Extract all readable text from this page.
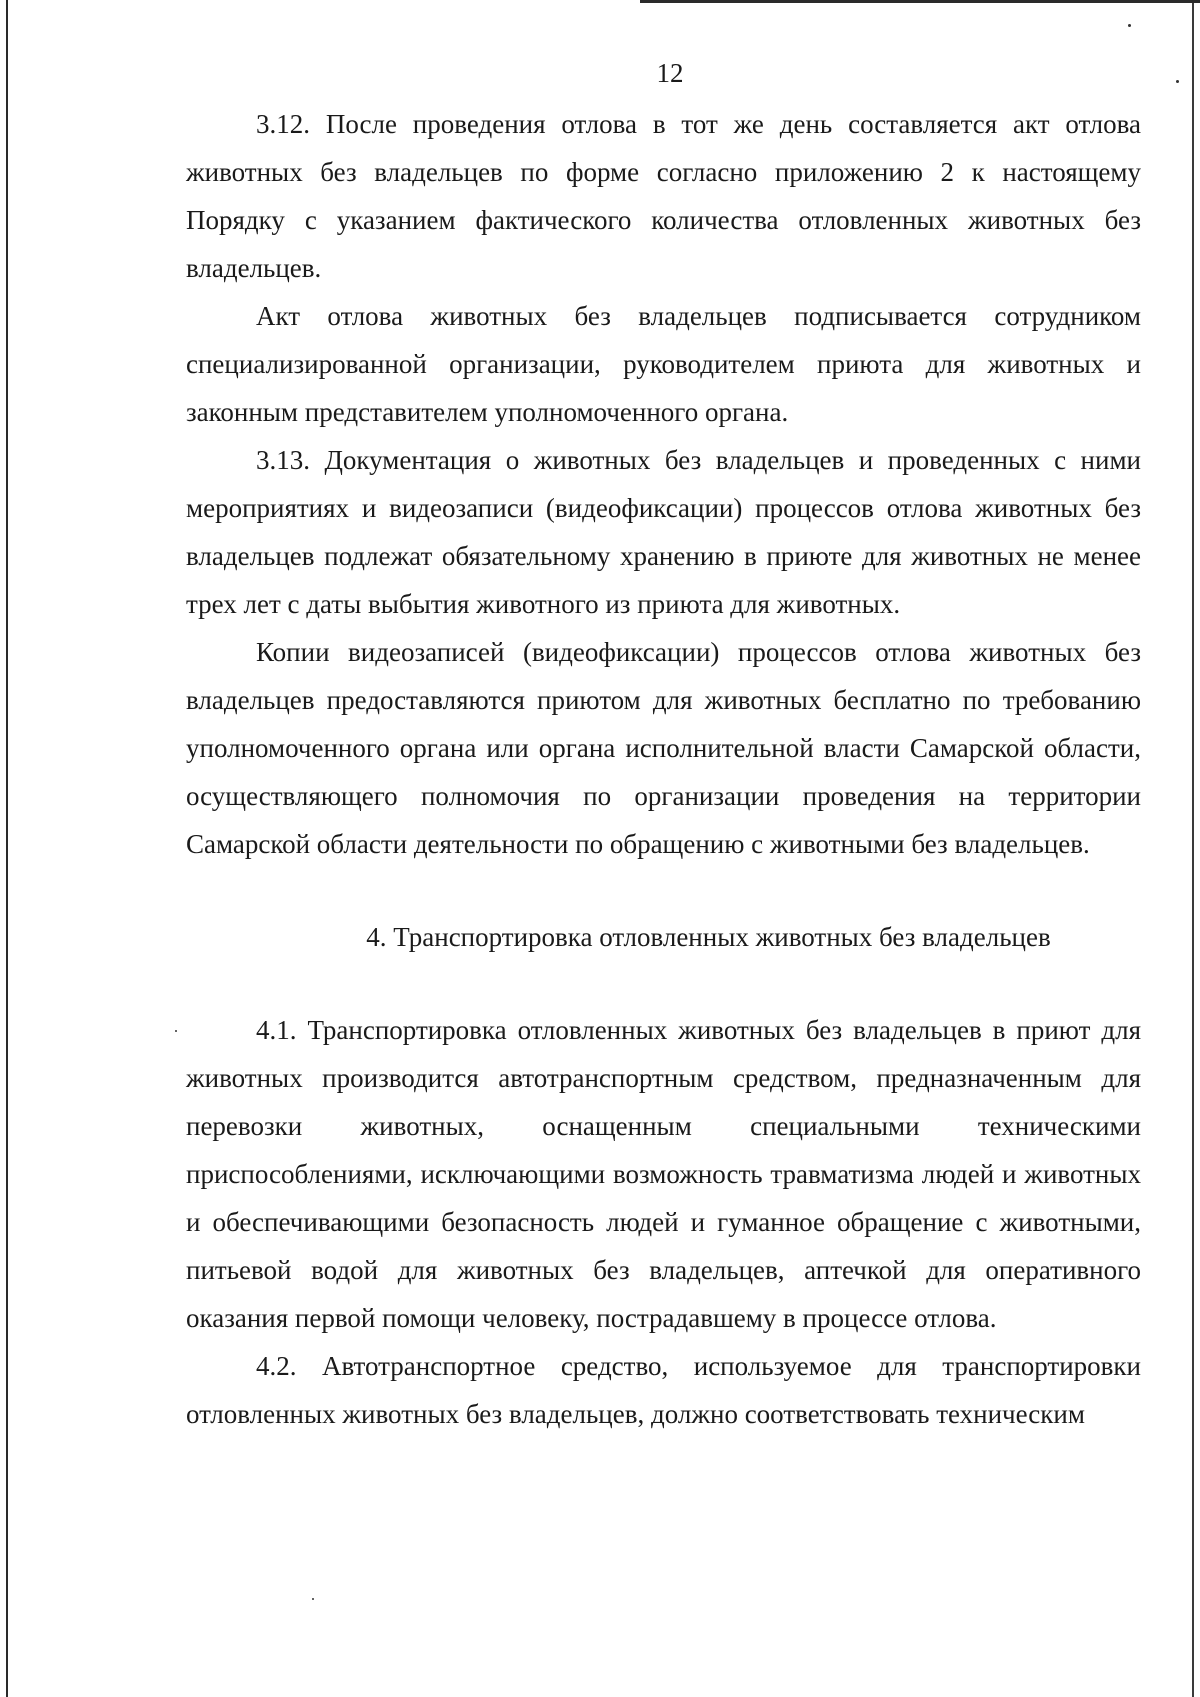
12

3.12. После проведения отлова в тот же день составляется акт отлова животных без владельцев по форме согласно приложению 2 к настоящему Порядку с указанием фактического количества отловленных животных без владельцев.

Акт отлова животных без владельцев подписывается сотрудником специализированной организации, руководителем приюта для животных и законным представителем уполномоченного органа.

3.13. Документация о животных без владельцев и проведенных с ними мероприятиях и видеозаписи (видеофиксации) процессов отлова животных без владельцев подлежат обязательному хранению в приюте для животных не менее трех лет с даты выбытия животного из приюта для животных.

Копии видеозаписей (видеофиксации) процессов отлова животных без владельцев предоставляются приютом для животных бесплатно по требованию уполномоченного органа или органа исполнительной власти Самарской области, осуществляющего полномочия по организации проведения на территории Самарской области деятельности по обращению с животными без владельцев.

4. Транспортировка отловленных животных без владельцев

4.1. Транспортировка отловленных животных без владельцев в приют для животных производится автотранспортным средством, предназначенным для перевозки животных, оснащенным специальными техническими приспособлениями, исключающими возможность травматизма людей и животных и обеспечивающими безопасность людей и гуманное обращение с животными, питьевой водой для животных без владельцев, аптечкой для оперативного оказания первой помощи человеку, пострадавшему в процессе отлова.

4.2. Автотранспортное средство, используемое для транспортировки отловленных животных без владельцев, должно соответствовать техническим
